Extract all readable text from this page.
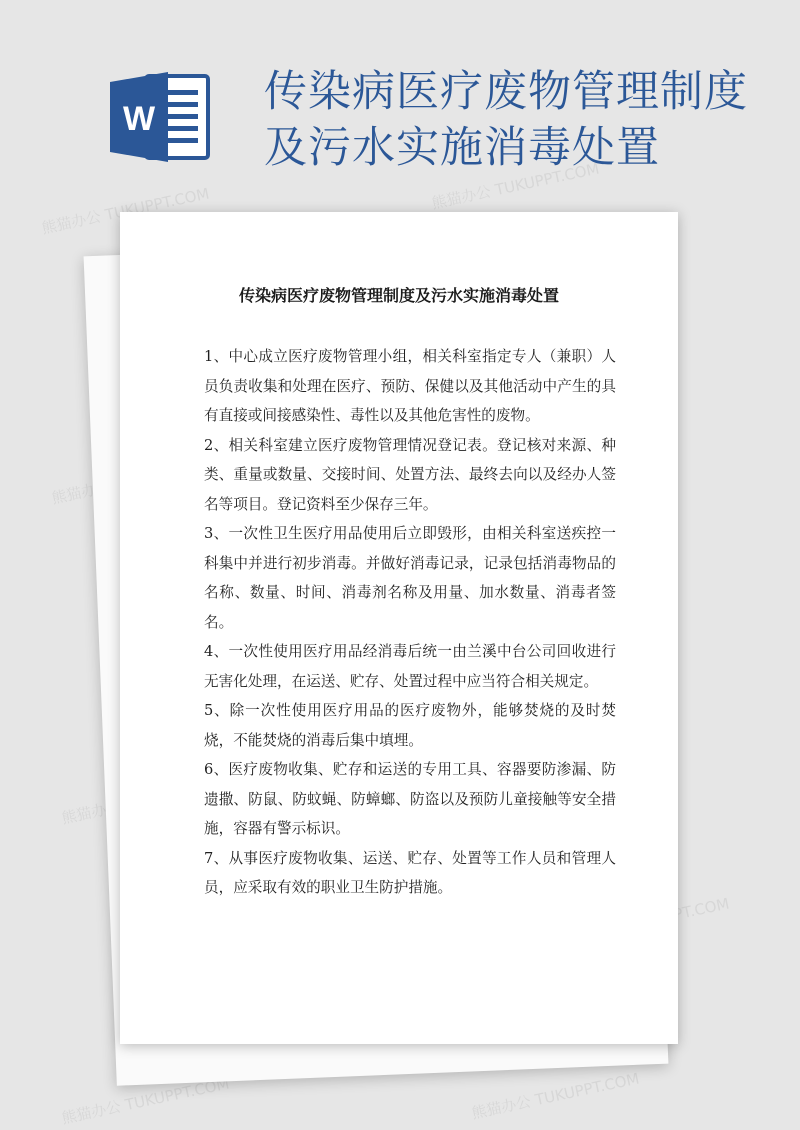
W
传染病医疗废物管理制度及污水实施消毒处置
熊猫办公 TUKUPPT.COM	熊猫办公 TUKUPPT.COM
熊猫办公
熊猫办公
熊猫办公 TUKUPPT.COM	熊猫办公 TUKUPPT.COM
传染病医疗废物管理制度及污水实施消毒处置

1、中心成立医疗废物管理小组，相关科室指定专人（兼职）人员负责收集和处理在医疗、预防、保健以及其他活动中产生的具有直接或间接感染性、毒性以及其他危害性的废物。

2、相关科室建立医疗废物管理情况登记表。登记核对来源、种类、重量或数量、交接时间、处置方法、最终去向以及经办人签名等项目。登记资料至少保存三年。

3、一次性卫生医疗用品使用后立即毁形，由相关科室送疾控一科集中并进行初步消毒。并做好消毒记录，记录包括消毒物品的名称、数量、时间、消毒剂名称及用量、加水数量、消毒者签名。

4、一次性使用医疗用品经消毒后统一由兰溪中台公司回收进行无害化处理，在运送、贮存、处置过程中应当符合相关规定。

5、除一次性使用医疗用品的医疗废物外，能够焚烧的及时焚烧，不能焚烧的消毒后集中填埋。

6、医疗废物收集、贮存和运送的专用工具、容器要防渗漏、防遗撒、防鼠、防蚊蝇、防蟑螂、防盗以及预防儿童接触等安全措施，容器有警示标识。

7、从事医疗废物收集、运送、贮存、处置等工作人员和管理人员，应采取有效的职业卫生防护措施。
